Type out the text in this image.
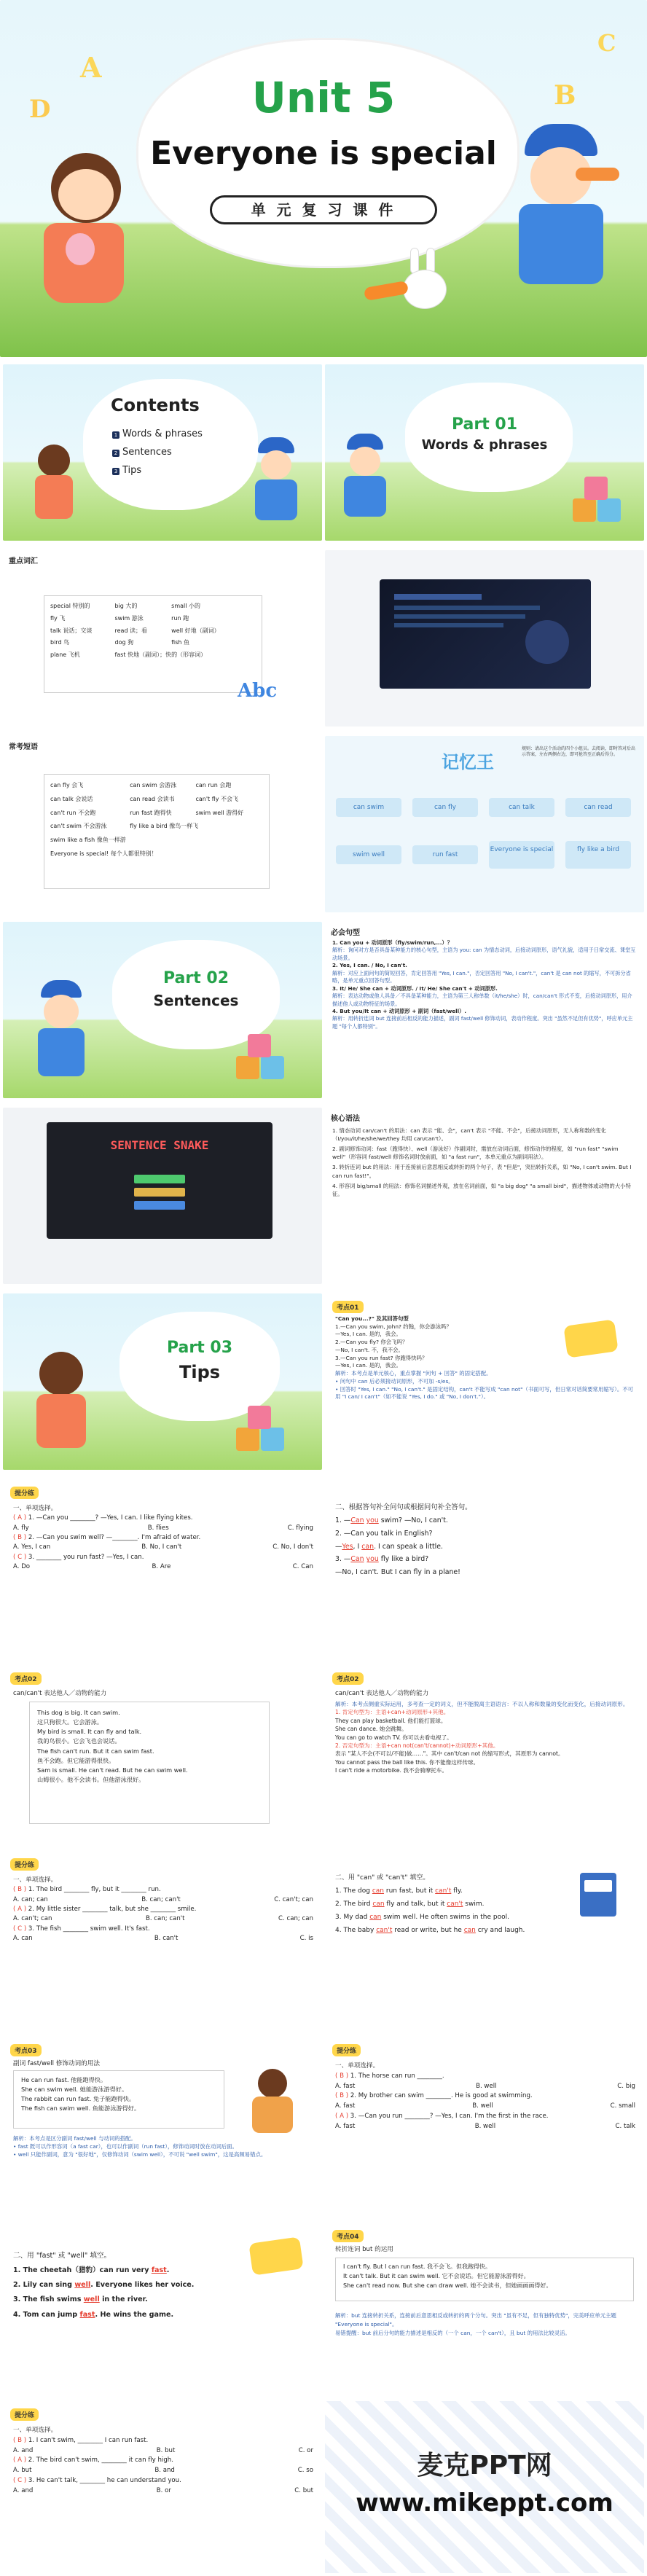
A
D	B
C
Unit 5
Everyone is special
单 元 复 习 课 件
Contents
1 Words & phrases
2 Sentences
3 Tips
Part 01
Words & phrases
重点词汇
special 特别的	big 大的	small 小的
fly 飞	swim 游泳	run 跑
talk 说话；交谈	read 读；看	well 好地（副词）
bird 鸟	dog 狗	fish 鱼
plane 飞机	fast 快地（副词）；快的（形容词）	
Abc
常考短语
can fly 会飞	can swim 会游泳	can run 会跑
can talk 会说话	can read 会读书	can't fly 不会飞
can't run 不会跑	run fast 跑得快	swim well 游得好
can't swim 不会游泳	fly like a bird 像鸟一样飞	
swim like a fish 像鱼一样游		
Everyone is special! 每个人都很特别！		
记忆王
规则：请出这个活动的四个小组员。去阅读，即时答对后出示答案，左右两侧右边，即可抢答至正确后得分。
can swim	can fly	can talk	can read
swim well	run fast
Everyone is special	fly like a bird
Part 02
Sentences
必会句型
1. Can you + 动词原形（fly/swim/run,...）？
解析：询问对方是否具备某种能力的核心句型，主语为 you: can 为情态动词，后接动词原形，语气礼貌，适用于日常交流、课堂互动场景。
2. Yes, I can. / No, I can't.
解析：对应上面问句的简短回答，肯定回答用 "Yes, I can."，否定回答用 "No, I can't."，can't 是 can not 的缩写，不可拆分省略，是单元重点回答句型。
3. It/ He/ She can + 动词原形. / It/ He/ She can't + 动词原形.
解析：表达动物或他人具备／不具备某种能力，主语为第三人称单数（it/he/she）时，can/can't 形式不变，后接动词原形，用介描述他人或动物特征的场景。
4. But you/It can + 动词原形 + 副词（fast/well）.
解析：用转折连词 but 连接前后相反的能力描述，副词 fast/well 修饰动词，表动作程度。突出 "虽然不足但有优势"，呼应单元主题 "每个人都特别"。
SENTENCE SNAKE
核心语法
1. 情态动词 can/can't 的用法：can 表示 "能、会"，can't 表示 "不能、不会"，后接动词原形，无人称和数的变化（I/you/it/he/she/we/they 均用 can/can't）。
2. 副词修饰动词：fast（跑得快）、well（游泳好）作副词时，需放在动词后面，修饰动作的程度，如 "run fast" "swim well"（形容词 fast/well 修饰名词时放前面，如 "a fast run"，本单元重点为副词用法）。
3. 转折连词 but 的用法：用于连接前后意思相反或转折的两个句子，表 "但是"，突出转折关系，如 "No, I can't swim. But I can run fast!"。
4. 形容词 big/small 的用法：修饰名词描述外观，放在名词前面，如 "a big dog" "a small bird"，描述物体或动物的大小特征。
Part 03
Tips
考点01
"Can you...?" 及其回答句型
1.—Can you swim, John? 约翰，你会游泳吗？
—Yes, I can. 是的，我会。
2.—Can you fly? 你会飞吗？
—No, I can't. 不，我不会。
3.—Can you run fast? 你跑得快吗？
—Yes, I can. 是的，我会。
解析：本考点是单元核心，重点掌握 "问句 + 回答" 的固定搭配。
• 问句中 can 后必须接动词原形，不可加 -s/es。
• 回答时 "Yes, I can." "No, I can't." 是固定结构，can't 不能写成 "can not"（书面可写，但日常对话简要常用缩写）。不可用 "I can/ I can't"（如不能说 "Yes, I do." 或 "No, I don't."）。
提分练
一、单项选择。
( A ) 1. —Can you ________? —Yes, I can. I like flying kites.
A. fly	B. flies	C. flying
( B ) 2. —Can you swim well? —________. I'm afraid of water.
A. Yes, I can	B. No, I can't	C. No, I don't
( C ) 3. ________ you run fast? —Yes, I can.
A. Do	B. Are	C. Can
二、根据答句补全问句或根据问句补全答句。
1. —Can you swim? —No, I can't.
2. —Can you talk in English?
—Yes, I can. I can speak a little.
3. —Can you fly like a bird?
—No, I can't. But I can fly in a plane!
考点02
can/can't 表达他人／动物的能力
This dog is big. It can swim.
这只狗很大。它会游泳。
My bird is small. It can fly and talk.
我的鸟很小。它会飞也会说话。
The fish can't run. But it can swim fast.
鱼不会跑。但它能游得很快。
Sam is small. He can't read. But he can swim well.
山姆很小。他不会读书。但他游泳很好。
考点02
can/can't 表达他人／动物的能力
解析：本考点侧重实际运用，多考查一定的词义，但不能脱离主语语言：不以人称和数量的变化而变化，后接动词原形。
1. 肯定句型为：主语+can+动词原形+其他。
They can play basketball. 他们能打篮球。
She can dance. 她会跳舞。
You can go to watch TV. 你可以去看电视了。
2. 否定句型为：主语+can not(can't/cannot)+动词原形+其他。
表示 "某人不会(不可以/不能)做……"。其中 can't/can not 的缩写形式，其原形为 cannot。
You cannot pass the ball like this. 你不能像这样传球。
I can't ride a motorbike. 我不会骑摩托车。
提分练
一、单项选择。
( B ) 1. The bird ________ fly, but it ________ run.
A. can; can	B. can; can't	C. can't; can
( A ) 2. My little sister ________ talk, but she ________ smile.
A. can't; can	B. can; can't	C. can; can
( C ) 3. The fish ________ swim well. It's fast.
A. can	B. can't	C. is
二、用 "can" 或 "can't" 填空。
1. The dog can run fast, but it can't fly.
2. The bird can fly and talk, but it can't swim.
3. My dad can swim well. He often swims in the pool.
4. The baby can't read or write, but he can cry and laugh.
考点03
副词 fast/well 修饰动词的用法
He can run fast. 他能跑得快。
She can swim well. 她能游泳游得好。
The rabbit can run fast. 兔子能跑得快。
The fish can swim well. 鱼能游泳游得好。
解析：本考点是区分副词 fast/well 与动词的搭配。
• fast 既可以作形容词（a fast car），也可以作副词（run fast），修饰动词时放在动词后面。
• well 只能作副词，意为 "很好地"，仅修饰动词（swim well），不可说 "well swim"，这是高频易错点。
提分练
一、单项选择。
( B ) 1. The horse can run ________.
A. fast	B. well	C. big
( B ) 2. My brother can swim ________. He is good at swimming.
A. fast	B. well	C. small
( A ) 3. —Can you run ________? —Yes, I can. I'm the first in the race.
A. fast	B. well	C. talk
二、用 "fast" 或 "well" 填空。
1. The cheetah（猎豹）can run very fast.
2. Lily can sing well. Everyone likes her voice.
3. The fish swims well in the river.
4. Tom can jump fast. He wins the game.
考点04
转折连词 but 的运用
I can't fly. But I can run fast. 我不会飞。但我跑得快。
It can't talk. But it can swim well. 它不会说话。但它能游泳游得好。
She can't read now. But she can draw well. 她不会读书，但她画画画得好。
解析：but 连接转折关系，连接前后意思相反或转折的两个分句。突出 "虽有不足，但有独特优势"，完美呼应单元主题 "Everyone is special"。
易错提醒：but 前后分句的能力描述是相反的（一个 can，一个 can't），且 but 的用法比较灵活。
提分练
一、单项选择。
( B ) 1. I can't swim, ________ I can run fast.
A. and	B. but	C. or
( A ) 2. The bird can't swim, ________ it can fly high.
A. but	B. and	C. so
( C ) 3. He can't talk, ________ he can understand you.
A. and	B. or	C. but
麦克PPT网
www.mikeppt.com
